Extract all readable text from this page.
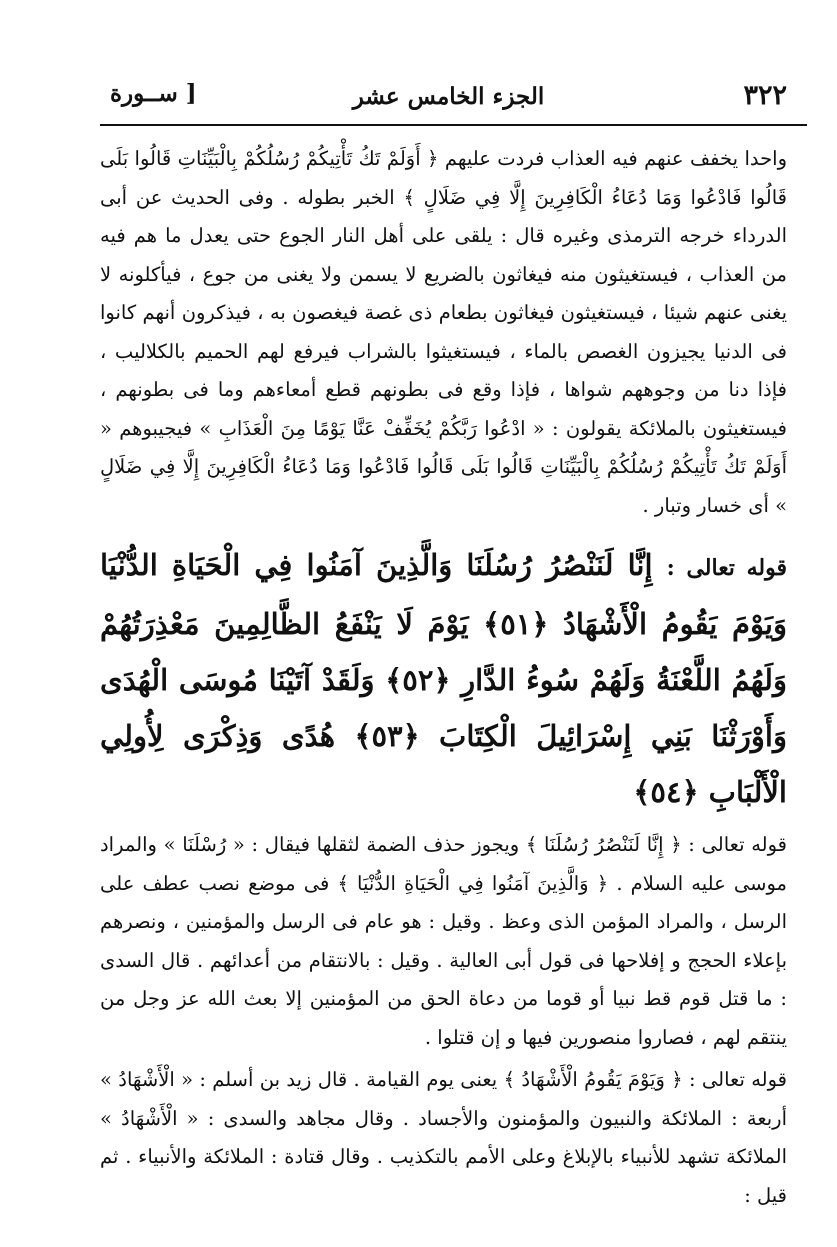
٣٢٢
الجزء الخامس عشر
[ ســورة

واحدا يخفف عنهم فيه العذاب فردت عليهم ﴿ أَوَلَمْ تَكُ تَأْتِيكُمْ رُسُلُكُمْ بِالْبَيِّنَاتِ قَالُوا بَلَى قَالُوا فَادْعُوا وَمَا دُعَاءُ الْكَافِرِينَ إِلَّا فِي ضَلَالٍ ﴾ الخبر بطوله . وفى الحديث عن أبى الدرداء خرجه الترمذى وغيره قال : يلقى على أهل النار الجوع حتى يعدل ما هم فيه من العذاب ، فيستغيثون منه فيغاثون بالضريع لا يسمن ولا يغنى من جوع ، فيأكلونه لا يغنى عنهم شيئا ، فيستغيثون فيغاثون بطعام ذى غصة فيغصون به ، فيذكرون أنهم كانوا فى الدنيا يجيزون الغصص بالماء ، فيستغيثوا بالشراب فيرفع لهم الحميم بالكلاليب ، فإذا دنا من وجوههم شواها ، فإذا وقع فى بطونهم قطع أمعاءهم وما فى بطونهم ، فيستغيثون بالملائكة يقولون : « ادْعُوا رَبَّكُمْ يُخَفِّفْ عَنَّا يَوْمًا مِنَ الْعَذَابِ » فيجيبوهم « أَوَلَمْ تَكُ تَأْتِيكُمْ رُسُلُكُمْ بِالْبَيِّنَاتِ قَالُوا بَلَى قَالُوا فَادْعُوا وَمَا دُعَاءُ الْكَافِرِينَ إِلَّا فِي ضَلَالٍ » أى خسار وتبار .

قوله تعالى : إِنَّا لَنَنْصُرُ رُسُلَنَا وَالَّذِينَ آمَنُوا فِي الْحَيَاةِ الدُّنْيَا وَيَوْمَ يَقُومُ الْأَشْهَادُ ﴿٥١﴾ يَوْمَ لَا يَنْفَعُ الظَّالِمِينَ مَعْذِرَتُهُمْ وَلَهُمُ اللَّعْنَةُ وَلَهُمْ سُوءُ الدَّارِ ﴿٥٢﴾ وَلَقَدْ آتَيْنَا مُوسَى الْهُدَى وَأَوْرَثْنَا بَنِي إِسْرَائِيلَ الْكِتَابَ ﴿٥٣﴾ هُدًى وَذِكْرَى لِأُولِي الْأَلْبَابِ ﴿٥٤﴾

قوله تعالى : ﴿ إِنَّا لَنَنْصُرُ رُسُلَنَا ﴾ ويجوز حذف الضمة لثقلها فيقال : « رُسْلَنَا » والمراد موسى عليه السلام . ﴿ وَالَّذِينَ آمَنُوا فِي الْحَيَاةِ الدُّنْيَا ﴾ فى موضع نصب عطف على الرسل ، والمراد المؤمن الذى وعظ . وقيل : هو عام فى الرسل والمؤمنين ، ونصرهم بإعلاء الحجج و إفلاحها فى قول أبى العالية . وقيل : بالانتقام من أعدائهم . قال السدى : ما قتل قوم قط نبيا أو قوما من دعاة الحق من المؤمنين إلا بعث الله عز وجل من ينتقم لهم ، فصاروا منصورين فيها و إن قتلوا .

قوله تعالى : ﴿ وَيَوْمَ يَقُومُ الْأَشْهَادُ ﴾ يعنى يوم القيامة . قال زيد بن أسلم : « الْأَشْهَادُ » أربعة : الملائكة والنبيون والمؤمنون والأجساد . وقال مجاهد والسدى : « الْأَشْهَادُ » الملائكة تشهد للأنبياء بالإبلاغ وعلى الأمم بالتكذيب . وقال قتادة : الملائكة والأنبياء . ثم قيل :
